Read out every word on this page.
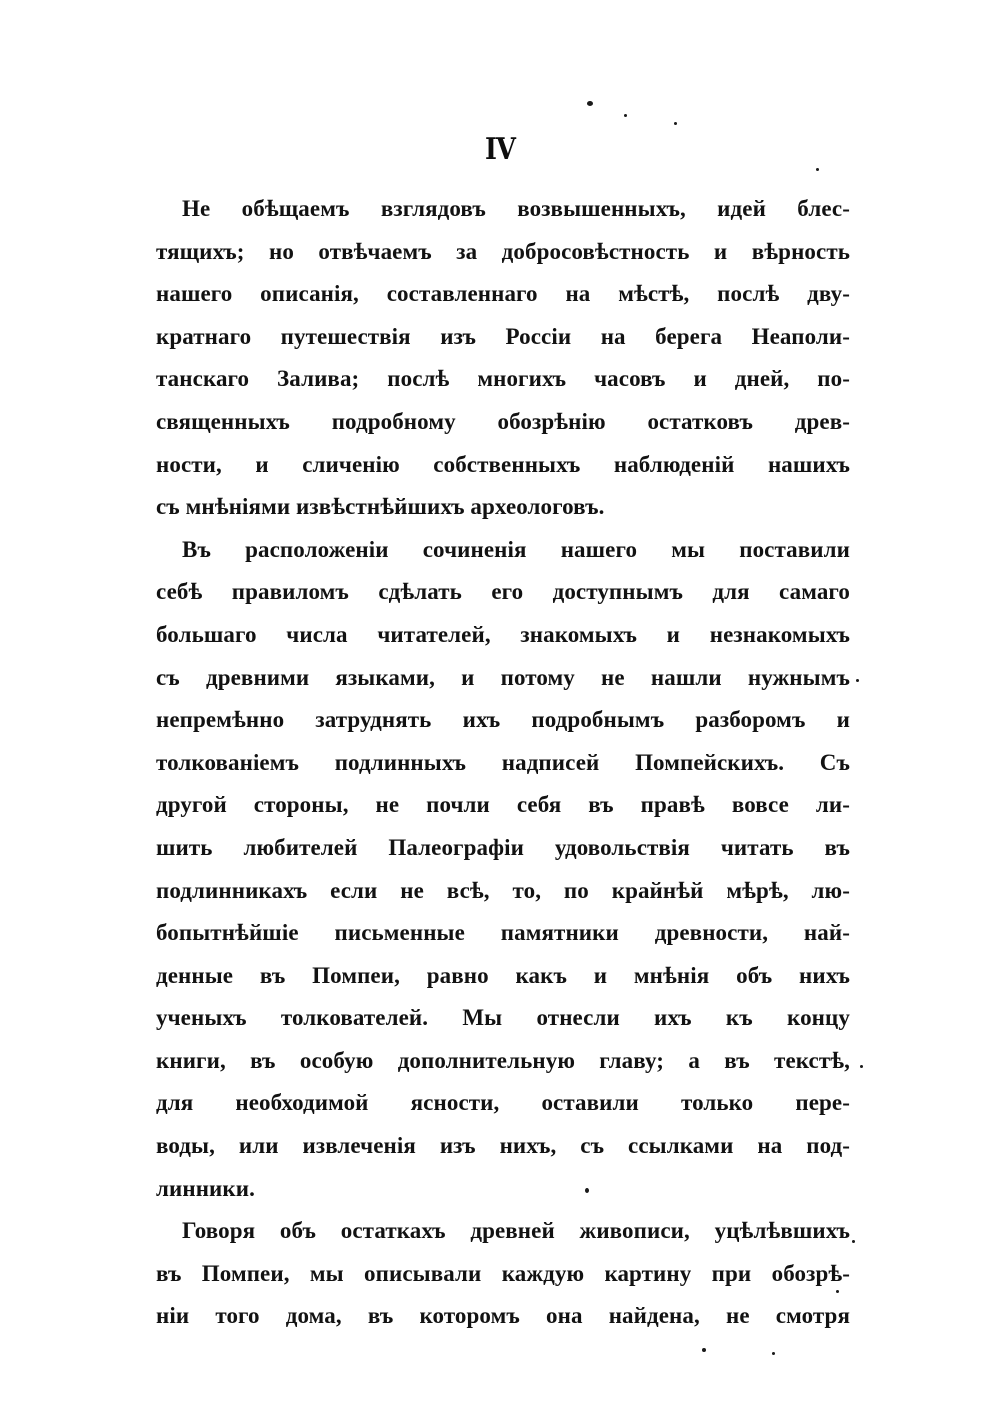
IV
Не обѣщаемъ взглядовъ возвышенныхъ, идей блес-
тящихъ; но отвѣчаемъ за добросовѣстность и вѣрность
нашего описанія, составленнаго на мѣстѣ, послѣ дву-
кратнаго путешествія изъ Россіи на берега Неаполи-
танскаго Залива; послѣ многихъ часовъ и дней, по-
священныхъ подробному обозрѣнію остатковъ древ-
ности, и сличенію собственныхъ наблюденій нашихъ
съ мнѣніями извѣстнѣйшихъ археологовъ.
Въ расположеніи сочиненія нашего мы поставили
себѣ правиломъ сдѣлать его доступнымъ для самаго
большаго числа читателей, знакомыхъ и незнакомыхъ
съ древними языками, и потому не нашли нужнымъ
непремѣнно затруднять ихъ подробнымъ разборомъ и
толкованіемъ подлинныхъ надписей Помпейскихъ. Съ
другой стороны, не почли себя въ правѣ вовсе ли-
шить любителей Палеографіи удовольствія читать въ
подлинникахъ если не всѣ, то, по крайнѣй мѣрѣ, лю-
бопытнѣйшіе письменные памятники древности, най-
денные въ Помпеи, равно какъ и мнѣнія объ нихъ
ученыхъ толкователей. Мы отнесли ихъ къ концу
книги, въ особую дополнительную главу; а въ текстѣ,
для необходимой ясности, оставили только пере-
воды, или извлеченія изъ нихъ, съ ссылками на под-
линники.
Говоря объ остаткахъ древней живописи, уцѣлѣвшихъ
въ Помпеи, мы описывали каждую картину при обозрѣ-
ніи того дома, въ которомъ она найдена, не смотря
